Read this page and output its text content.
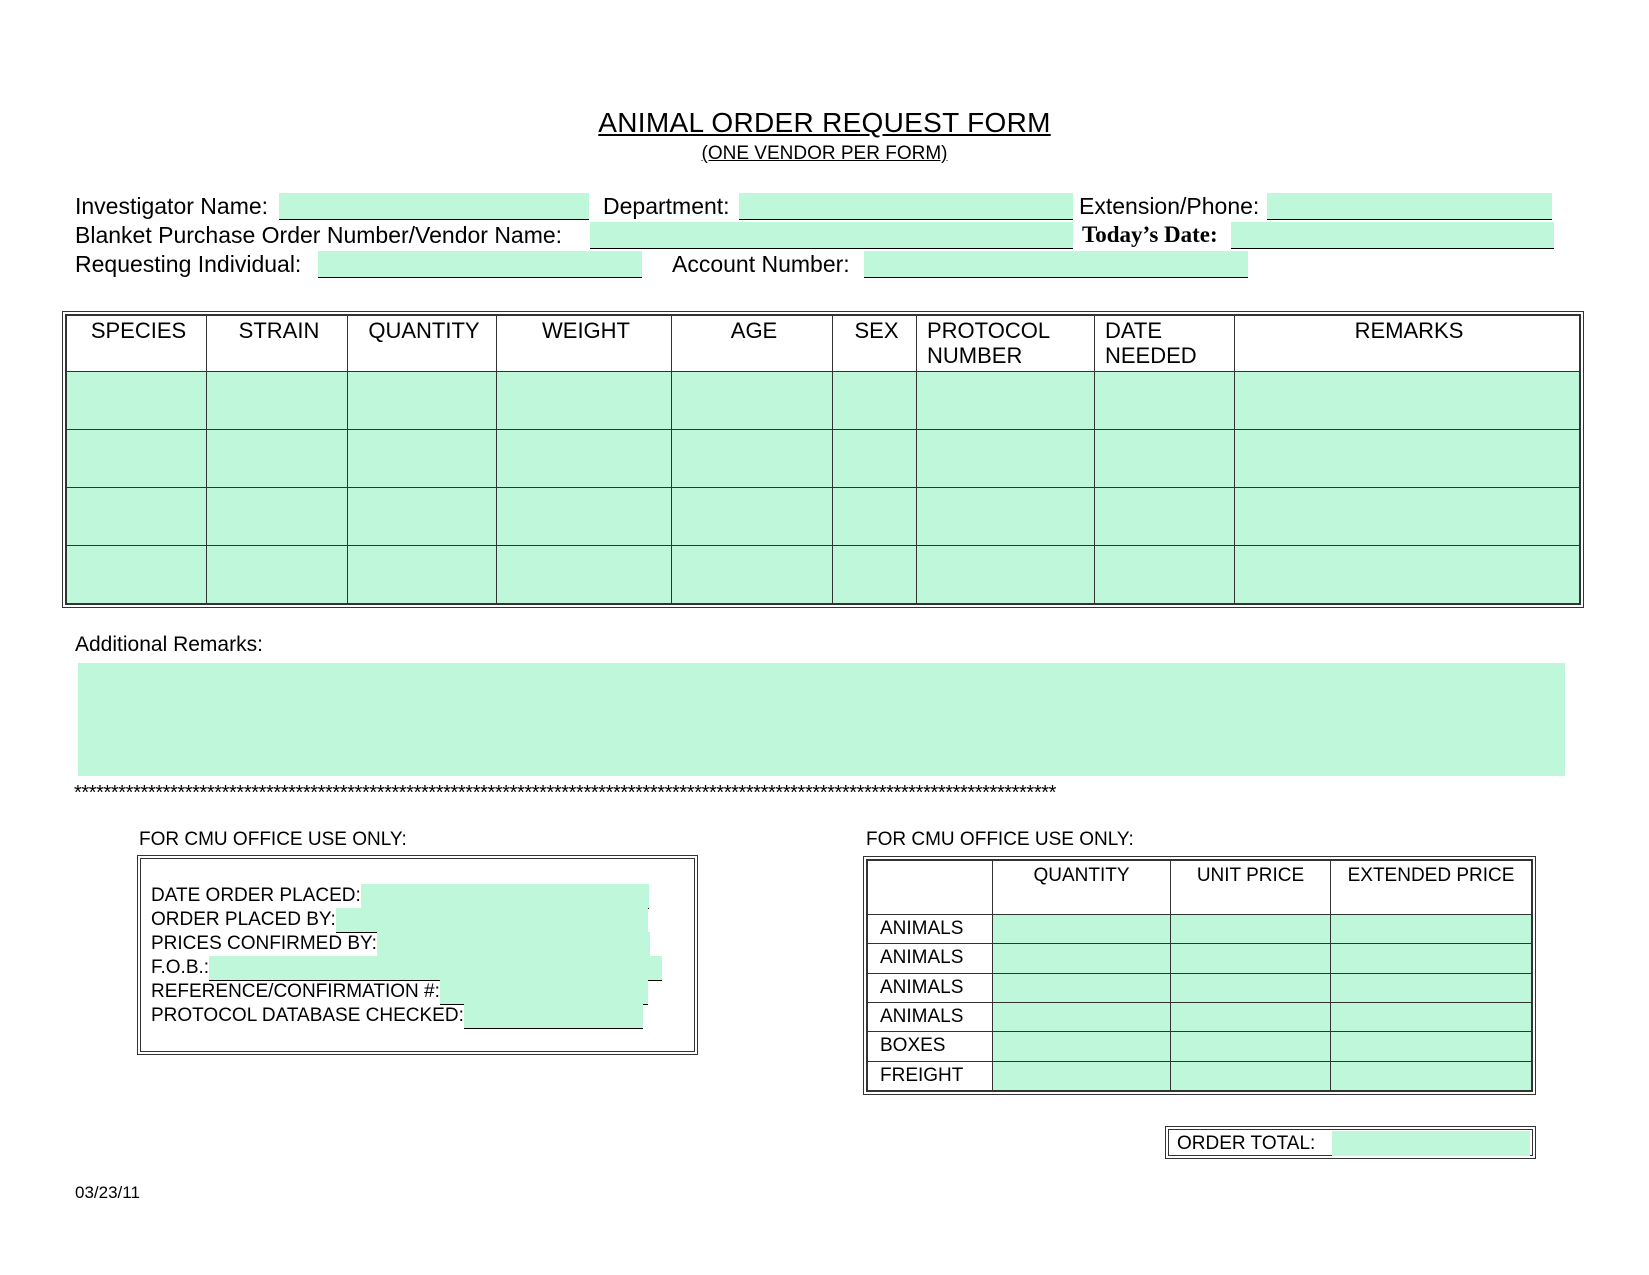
ANIMAL ORDER REQUEST FORM
(ONE VENDOR PER FORM)
Investigator Name:	Department:	Extension/Phone:
Blanket Purchase Order Number/Vendor Name:	Today’s Date:
Requesting Individual:	Account Number:
SPECIES	STRAIN	QUANTITY	WEIGHT	AGE	SEX	PROTOCOL NUMBER	DATE NEEDED	REMARKS

Additional Remarks:
*************************************************************************************************************************************
FOR CMU OFFICE USE ONLY:
DATE ORDER PLACED:
ORDER PLACED BY:
PRICES CONFIRMED BY:
F.O.B.:
REFERENCE/CONFIRMATION #:
PROTOCOL DATABASE CHECKED:
FOR CMU OFFICE USE ONLY:
	QUANTITY	UNIT PRICE	EXTENDED PRICE
ANIMALS			
ANIMALS			
ANIMALS			
ANIMALS			
BOXES			
FREIGHT			
ORDER TOTAL:
03/23/11
